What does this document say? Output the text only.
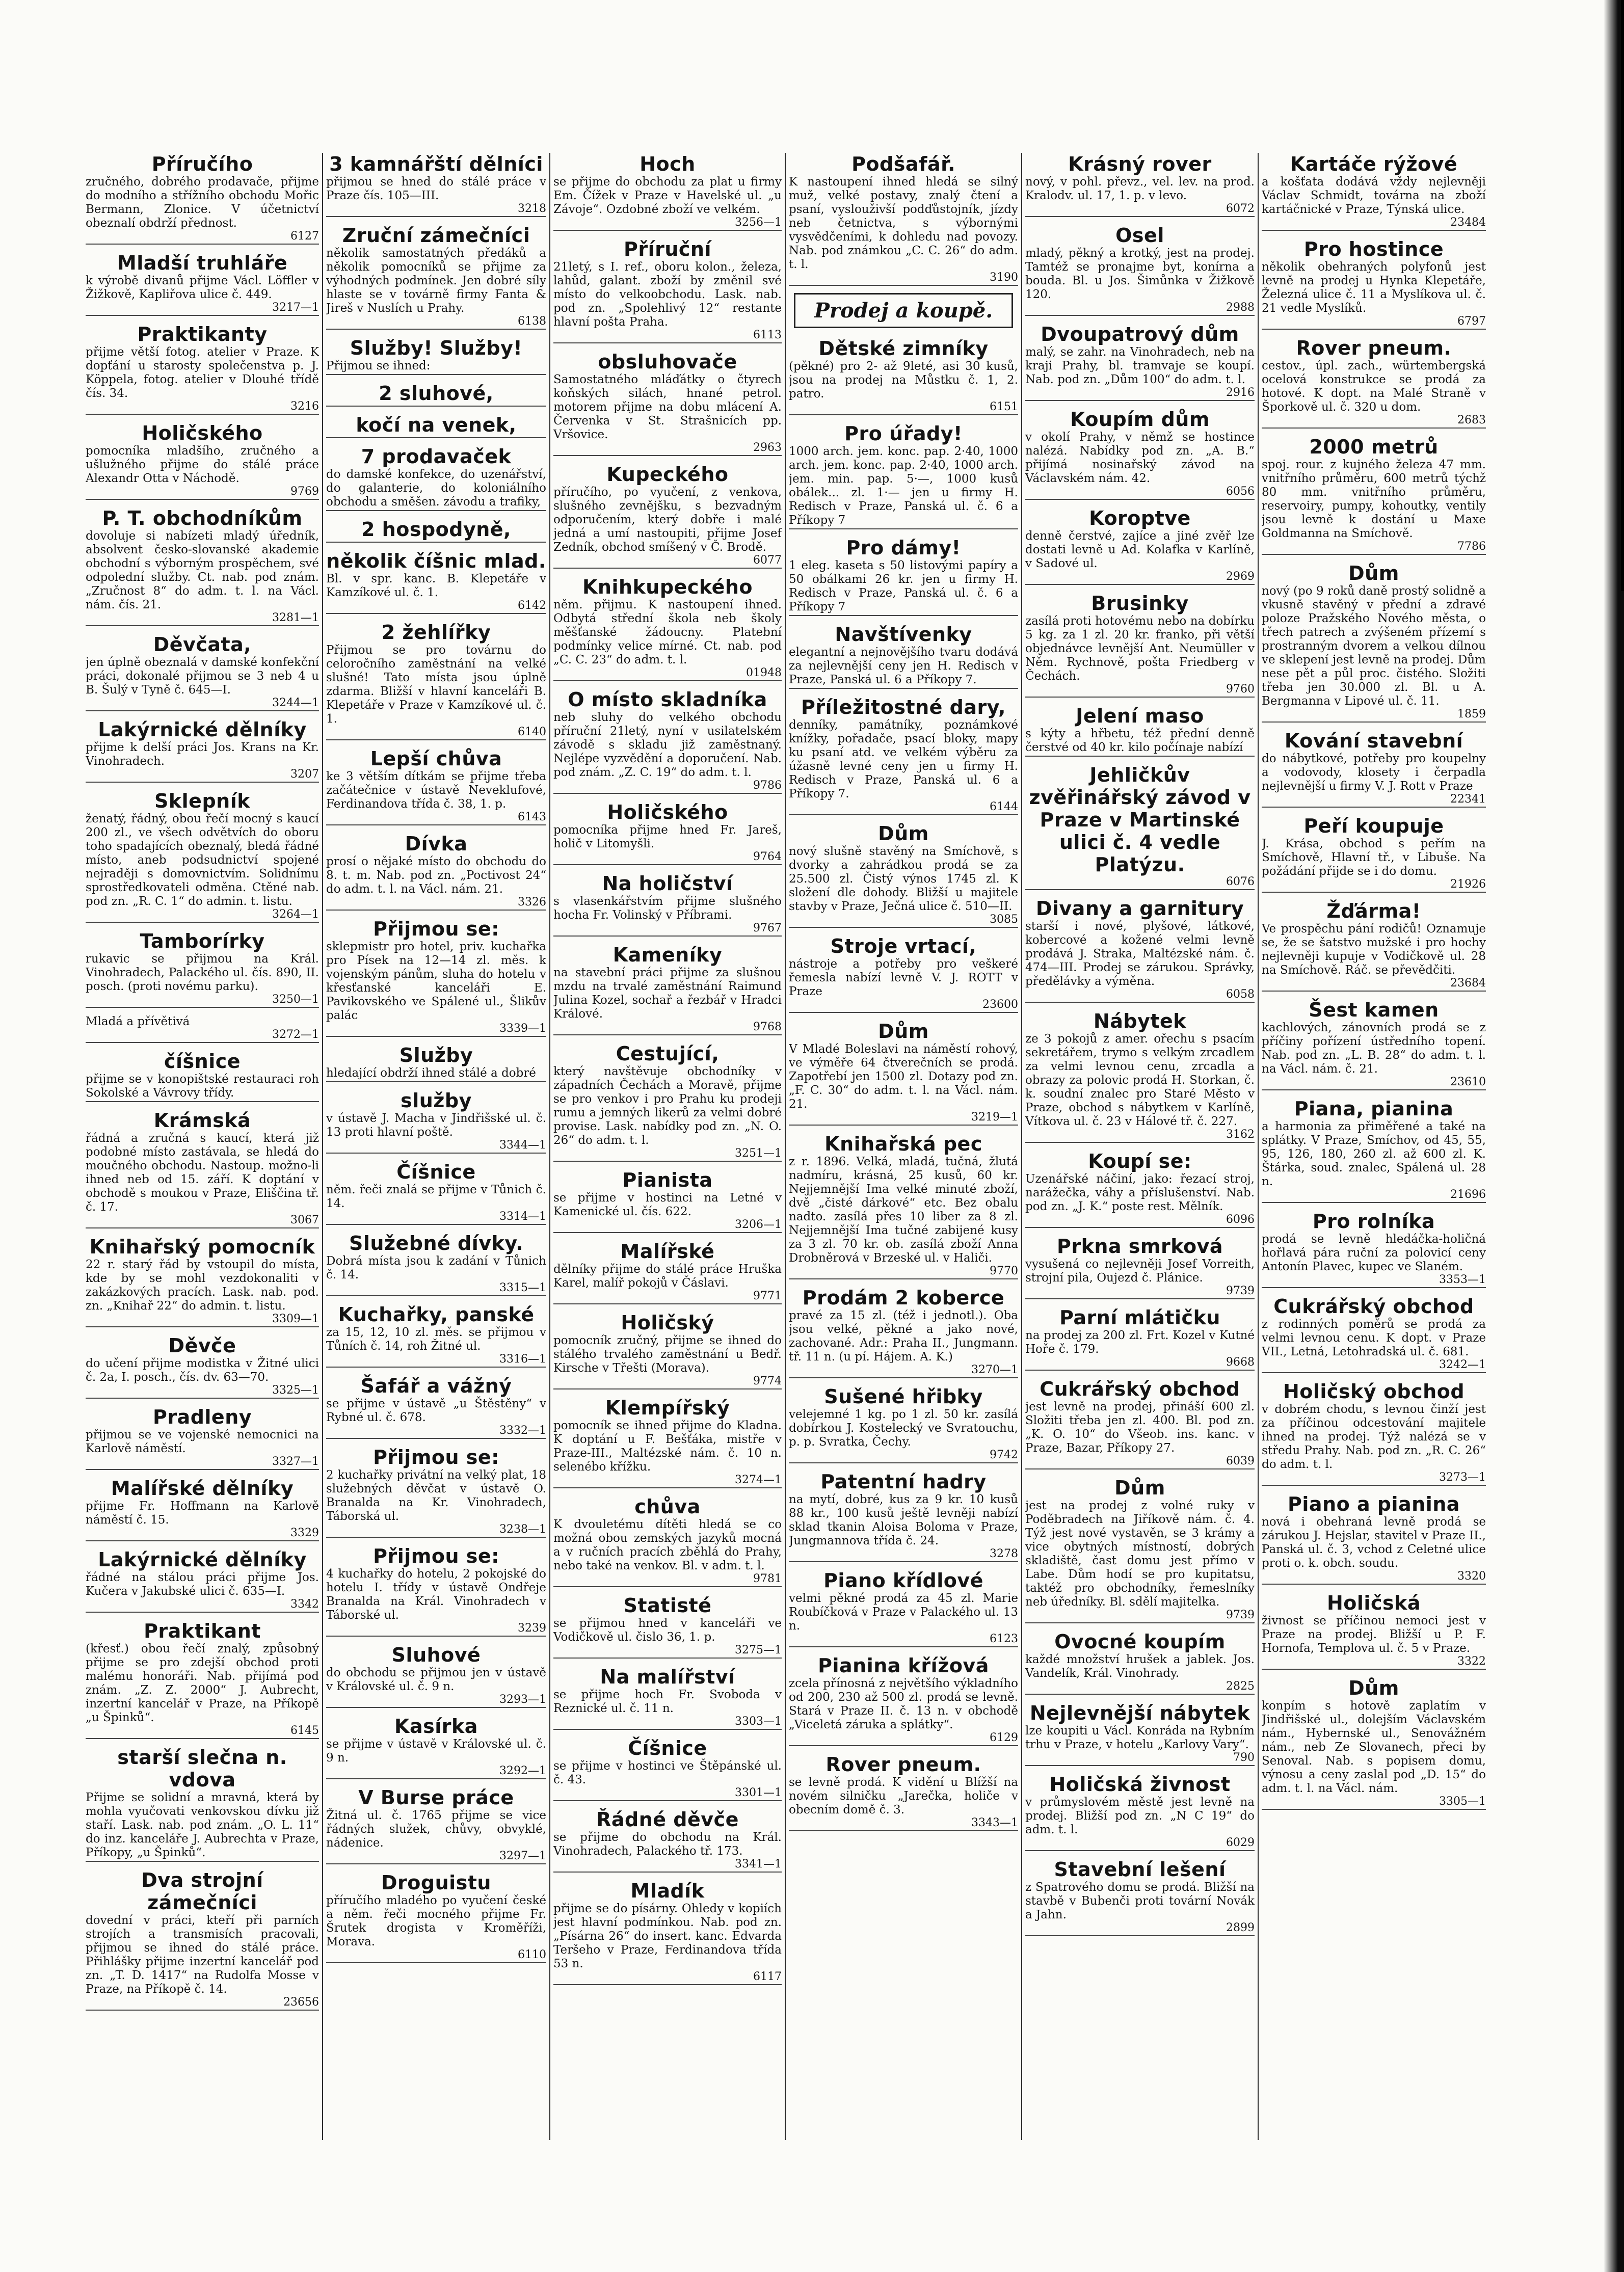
Příručího

zručného, dobrého prodavače, přijme do modního a střížního obchodu Mořic Bermann, Zlonice. V účetnictví obeznalí obdrží přednost.

6127
Mladší truhláře

k výrobě divanů přijme Václ. Löffler v Žižkově, Kapliřova ulice č. 449.

3217—1
Praktikanty

přijme větší fotog. atelier v Praze. K dopťání u starosty společenstva p. J. Köppela, fotog. atelier v Dlouhé třídě čís. 34.

3216
Holičského

pomocníka mladšího, zručného a ušlužného přijme do stálé práce Alexandr Otta v Náchodě.

9769
P. T. obchodníkům

dovoluje si nabízeti mladý úředník, absolvent česko-slovanské akademie obchodní s výborným prospěchem, své odpolední služby. Ct. nab. pod znám. „Zručnost 8“ do adm. t. l. na Václ. nám. čís. 21.

3281—1
Děvčata,

jen úplně obeznalá v damské konfekční práci, dokonalé přijmou se 3 neb 4 u B. Šulý v Tyně č. 645—I.

3244—1
Lakýrnické dělníky

přijme k delší práci Jos. Krans na Kr. Vinohradech.

3207
Sklepník

ženatý, řádný, obou řečí mocný s kaucí 200 zl., ve všech odvětvích do oboru toho spadajících obeznalý, bledá řádné místo, aneb podsudnictví spojené nejraději s domovnictvím. Solidnímu sprostředkovateli odměna. Ctěné nab. pod zn. „R. C. 1“ do admin. t. listu.

3264—1
Tamborírky

rukavic se přijmou na Král. Vinohradech, Palackého ul. čís. 890, II. posch. (proti novému parku).

3250—1

Mladá a přívětivá

3272—1
číšnice

přijme se v konopištské restauraci roh Sokolské a Vávrovy třídy.

Krámská

řádná a zručná s kaucí, která již podobné místo zastávala, se hledá do moučného obchodu. Nastoup. možno-li ihned neb od 15. září. K doptání v obchodě s moukou v Praze, Eliščina tř. č. 17.

3067
Knihařský pomocník

22 r. starý řád by vstoupil do místa, kde by se mohl vezdokonaliti v zakázkových pracích. Lask. nab. pod. zn. „Knihař 22“ do admin. t. listu.

3309—1
Děvče

do učení přijme modistka v Žitné ulici č. 2a, I. posch., čís. dv. 63—70.

3325—1
Pradleny

přijmou se ve vojenské nemocnici na Karlově náměstí.

3327—1
Malířské dělníky

přijme Fr. Hoffmann na Karlově náměstí č. 15.

3329
Lakýrnické dělníky

řádné na stálou práci přijme Jos. Kučera v Jakubské ulici č. 635—I.

3342
Praktikant

(křesť.) obou řečí znalý, způsobný přijme se pro zdejší obchod proti malému honoráři. Nab. přijímá pod znám. „Z. Z. 2000“ J. Aubrecht, inzertní kancelář v Praze, na Příkopě „u Špinků“.

6145
starší slečna n. vdova

Přijme se solidní a mravná, která by mohla vyučovati venkovskou dívku již staří. Lask. nab. pod znám. „O. L. 11“ do inz. kanceláře J. Aubrechta v Praze, Příkopy, „u Špinků“.

Dva strojní zámečníci

dovední v práci, kteří při parních strojích a transmisích pracovali, přijmou se ihned do stálé práce. Přihlášky přijme inzertní kancelář pod zn. „T. D. 1417“ na Rudolfa Mosse v Praze, na Příkopě č. 14.

23656
3 kamnářští dělníci

přijmou se hned do stálé práce v Praze čís. 105—III.

3218
Zruční zámečníci

několik samostatných předáků a několik pomocníků se přijme za výhodných podmínek. Jen dobré síly hlaste se v továrně firmy Fanta & Jireš v Nuslích u Prahy.

6138
Služby! Služby!

Přijmou se ihned:

2 sluhové,
kočí na venek,
7 prodavaček

do damské konfekce, do uzenářství, do galanterie, do koloniálního obchodu a směšen. závodu a trafiky,

2 hospodyně,
několik číšnic mlad.

Bl. v spr. kanc. B. Klepetáře v Kamzíkové ul. č. 1.

6142
2 žehlířky

Přijmou se pro továrnu do celoročního zaměstnání na velké slušné! Tato místa jsou úplně zdarma. Bližší v hlavní kanceláři B. Klepetáře v Praze v Kamzíkové ul. č. 1.

6140
Lepší chůva

ke 3 větším dítkám se přijme třeba začátečnice v ústavě Neveklufové, Ferdinandova třída č. 38, 1. p.

6143
Dívka

prosí o nějaké místo do obchodu do 8. t. m. Nab. pod zn. „Poctivost 24“ do adm. t. l. na Václ. nám. 21.

3326
Přijmou se:

sklepmistr pro hotel, priv. kuchařka pro Písek na 12—14 zl. měs. k vojenským pánům, sluha do hotelu v křesťanské kanceláři E. Pavikovského ve Spálené ul., Šlikův palác

3339—1
Služby

hledající obdrží ihned stálé a dobré

služby

v ústavě J. Macha v Jindřišské ul. č. 13 proti hlavní poště.

3344—1
Číšnice

něm. řeči znalá se přijme v Tůnich č. 14.

3314—1
Služebné dívky.

Dobrá místa jsou k zadání v Tůnich č. 14.

3315—1
Kuchařky, panské

za 15, 12, 10 zl. měs. se přijmou v Tůních č. 14, roh Žitné ul.

3316—1
Šafář a vážný

se přijme v ústavě „u Štěstěny“ v Rybné ul. č. 678.

3332—1
Přijmou se:

2 kuchařky privátní na velký plat, 18 služebných děvčat v ústavě O. Branalda na Kr. Vinohradech, Táborská ul.

3238—1
Přijmou se:

4 kuchařky do hotelu, 2 pokojské do hotelu I. třídy v ústavě Ondřeje Branalda na Král. Vinohradech v Táborské ul.

3239
Sluhové

do obchodu se přijmou jen v ústavě v Královské ul. č. 9 n.

3293—1
Kasírka

se přijme v ústavě v Královské ul. č. 9 n.

3292—1
V Burse práce

Žitná ul. č. 1765 přijme se vice řádných služek, chůvy, obvyklé, nádenice.

3297—1
Droguistu

příručího mladého po vyučení české a něm. řeči mocného přijme Fr. Šrutek drogista v Kroměříži, Morava.

6110
Hoch

se přijme do obchodu za plat u firmy Em. Čížek v Praze v Havelské ul. „u Závoje“. Ozdobné zboží ve velkém.

3256—1
Příruční

21letý, s I. ref., oboru kolon., železa, lahůd, galant. zboží by změnil své místo do velkoobchodu. Lask. nab. pod zn. „Spolehlivý 12“ restante hlavní pošta Praha.

6113
obsluhovače

Samostatného mláďátky o čtyrech koňských silách, hnané petrol. motorem přijme na dobu mlácení A. Červenka v St. Strašnicích pp. Vršovice.

2963
Kupeckého

příručího, po vyučení, z venkova, slušného zevnějšku, s bezvadným odporučením, který dobře i malé jedná a umí nastoupiti, přijme Josef Zedník, obchod smíšený v Č. Brodě.

6077
Knihkupeckého

něm. přijmu. K nastoupení ihned. Odbytá střední škola neb školy měšťanské žádoucny. Platební podmínky velice mírné. Ct. nab. pod „C. C. 23“ do adm. t. l.

01948
O místo skladníka

neb sluhy do velkého obchodu příruční 21letý, nyní v usilatelském závodě s skladu již zaměstnaný. Nejlépe vyzvědění a doporučení. Nab. pod znám. „Z. C. 19“ do adm. t. l.

9786
Holičského

pomocníka přijme hned Fr. Jareš, holič v Litomyšli.

9764
Na holičství

s vlasenkářstvím přijme slušného hocha Fr. Volinský v Příbrami.

9767
Kameníky

na stavební práci přijme za slušnou mzdu na trvalé zaměstnání Raimund Julina Kozel, sochař a řezbář v Hradci Králové.

9768
Cestující,

který navštěvuje obchodníky v západních Čechách a Moravě, přijme se pro venkov i pro Prahu ku prodeji rumu a jemných likerů za velmi dobré provise. Lask. nabídky pod zn. „N. O. 26“ do adm. t. l.

3251—1
Pianista

se přijme v hostinci na Letné v Kamenické ul. čís. 622.

3206—1
Malířské

dělníky přijme do stálé práce Hruška Karel, malíř pokojů v Čáslavi.

9771
Holičský

pomocník zručný, přijme se ihned do stálého trvalého zaměstnání u Bedř. Kirsche v Třešti (Morava).

9774
Klempířský

pomocník se ihned přijme do Kladna. K doptání u F. Bešťáka, mistře v Praze-III., Maltézské nám. č. 10 n. selenébo křížku.

3274—1
chůva

K dvouletému dítěti hledá se co možná obou zemských jazyků mocná a v ručních pracích zběhlá do Prahy, nebo také na venkov. Bl. v adm. t. l.

9781
Statisté

se přijmou hned v kanceláři ve Vodičkově ul. čislo 36, 1. p.

3275—1
Na malířství

se přijme hoch Fr. Svoboda v Reznické ul. č. 11 n.

3303—1
Číšnice

se přijme v hostinci ve Štěpánské ul. č. 43.

3301—1
Řádné děvče

se přijme do obchodu na Král. Vinohradech, Palackého tř. 173.

3341—1
Mladík

přijme se do písárny. Ohledy v kopiích jest hlavní podmínkou. Nab. pod zn. „Písárna 26“ do insert. kanc. Edvarda Teršeho v Praze, Ferdinandova třída 53 n.

6117
Podšafář.

K nastoupení ihned hledá se silný muž, velké postavy, znalý čtení a psaní, vyslouživší podďůstojník, jízdy neb četnictva, s výbornými vysvědčeními, k dohledu nad povozy. Nab. pod známkou „C. C. 26“ do adm. t. l.

3190
Prodej a koupě.
Dětské zimníky

(pěkné) pro 2- až 9leté, asi 30 kusů, jsou na prodej na Můstku č. 1, 2. patro.

6151
Pro úřady!

1000 arch. jem. konc. pap. 2·40, 1000 arch. jem. konc. pap. 2·40, 1000 arch. jem. min. pap. 5·—, 1000 kusů obálek... zl. 1·— jen u firmy H. Redisch v Praze, Panská ul. č. 6 a Příkopy 7

Pro dámy!

1 eleg. kaseta s 50 listovými papíry a 50 obálkami 26 kr. jen u firmy H. Redisch v Praze, Panská ul. č. 6 a Příkopy 7

Navštívenky

elegantní a nejnovějšího tvaru dodává za nejlevnější ceny jen H. Redisch v Praze, Panská ul. 6 a Příkopy 7.

Příležitostné dary,

denníky, památníky, poznámkové knížky, pořadače, psací bloky, mapy ku psaní atd. ve velkém výběru za úžasně levné ceny jen u firmy H. Redisch v Praze, Panská ul. 6 a Příkopy 7.

6144
Dům

nový slušně stavěný na Smíchově, s dvorky a zahrádkou prodá se za 25.500 zl. Čistý výnos 1745 zl. K složení dle dohody. Bližší u majitele stavby v Praze, Ječná ulice č. 510—II.

3085
Stroje vrtací,

nástroje a potřeby pro veškeré řemesla nabízí levně V. J. ROTT v Praze

23600
Dům

V Mladé Boleslavi na náměstí rohový, ve výměře 64 čtverečních se prodá. Zapotřebí jen 1500 zl. Dotazy pod zn. „F. C. 30“ do adm. t. l. na Václ. nám. 21.

3219—1
Knihařská pec

z r. 1896. Velká, mladá, tučná, žlutá nadmíru, krásná, 25 kusů, 60 kr. Nejjemnější Ima velké minuté zboží, dvě „čisté dárkové“ etc. Bez obalu nadto. zasílá přes 10 liber za 8 zl. Nejjemnější Ima tučné zabijené kusy za 3 zl. 70 kr. ob. zasílá zboží Anna Drobněrová v Brzeské ul. v Haliči.

9770
Prodám 2 koberce

pravé za 15 zl. (též i jednotl.). Oba jsou velké, pěkné a jako nové, zachované. Adr.: Praha II., Jungmann. tř. 11 n. (u pí. Hájem. A. K.)

3270—1
Sušené hřibky

velejemné 1 kg. po 1 zl. 50 kr. zasílá dobírkou J. Kostelecký ve Svratouchu, p. p. Svratka, Čechy.

9742
Patentní hadry

na mytí, dobré, kus za 9 kr. 10 kusů 88 kr., 100 kusů ještě levněji nabízí sklad tkanin Aloisa Bolomа v Praze, Jungmannova třída č. 24.

3278
Piano křídlové

velmi pěkné prodá za 45 zl. Marie Roubíčková v Praze v Palackého ul. 13 n.

6123
Pianina křížová

zcela přínosná z největšího výkladního od 200, 230 až 500 zl. prodá se levně. Stará v Praze II. č. 13 n. v obchodě „Viceletá záruka a splátky“.

6129
Rover pneum.

se levně prodá. K vidění u Blížší na novém silničku „Jarečka, holiče v obecním domě č. 3.

3343—1
Krásný rover

nový, v pohl. převz., vel. lev. na prod. Kralodv. ul. 17, 1. p. v levo.

6072
Osel

mladý, pěkný a krotký, jest na prodej. Tamtéž se pronajme byt, konírna a bouda. Bl. u Jos. Šimůnka v Žižkově 120.

2988
Dvoupatrový dům

malý, se zahr. na Vinohradech, neb na kraji Prahy, bl. tramvaje se koupí. Nab. pod zn. „Dům 100“ do adm. t. l.

2916
Koupím dům

v okolí Prahy, v němž se hostince nalézá. Nabídky pod zn. „A. B.“ přijímá nosinařský závod na Václavském nám. 42.

6056
Koroptve

denně čerstvé, zajíce a jiné zvěř lze dostati levně u Ad. Kolafka v Karlíně, v Sadové ul.

2969
Brusinky

zasílá proti hotovému nebo na dobírku 5 kg. za 1 zl. 20 kr. franko, při větší objednávce levnější Ant. Neumüller v Něm. Rychnově, pošta Friedberg v Čechách.

9760
Jelení maso

s kýty a hřbetu, též přední denně čerstvé od 40 kr. kilo počínaje nabízí

Jehličkův zvěřinářský závod v Praze v Martinské ulici č. 4 vedle Platýzu.
6076
Divany a garnitury

starší i nové, plyšové, látkové, kobercové a kožené velmi levně prodává J. Straka, Maltézské nám. č. 474—III. Prodej se zárukou. Správky, předělávky a výměna.

6058
Nábytek

ze 3 pokojů z amer. ořechu s psacím sekretářem, trymo s velkým zrcadlem za velmi levnou cenu, zrcadla a obrazy za polovic prodá H. Storkan, č. k. soudní znalec pro Staré Město v Praze, obchod s nábytkem v Karlíně, Vítkova ul. č. 23 v Hálové tř. č. 227.

3162
Koupí se:

Uzenářské náčiní, jako: řezací stroj, narážečka, váhy a příslušenství. Nab. pod zn. „J. K.“ poste rest. Mělník.

6096
Prkna smrková

vysušená co nejlevněji Josef Vorreith, strojní pila, Oujezd č. Plánice.

9739
Parní mlátičku

na prodej za 200 zl. Frt. Kozel v Kutné Hoře č. 179.

9668
Cukrářský obchod

jest levně na prodej, přináší 600 zl. Složiti třeba jen zl. 400. Bl. pod zn. „K. O. 10“ do Všeob. ins. kanc. v Praze, Bazar, Příkopy 27.

6039
Dům

jest na prodej z volné ruky v Poděbradech na Jiříkově nám. č. 4. Týž jest nové vystavěn, se 3 krámy a vice obytných místností, dobrých skladiště, čast domu jest přímo v Labe. Dům hodí se pro kupitatsu, taktéž pro obchodníky, řemeslníky neb úředníky. Bl. sdělí majitelka.

9739
Ovocné koupím

každé množství hrušek a jablek. Jos. Vandelík, Král. Vinohrady.

2825
Nejlevnější nábytek

lze koupiti u Václ. Konráda na Rybním trhu v Praze, v hotelu „Karlovy Vary“.

790
Holičská živnost

v průmyslovém městě jest levně na prodej. Bližší pod zn. „N C 19“ do adm. t. l.

6029
Stavební lešení

z Spatrového domu se prodá. Bližší na stavbě v Bubenči proti tovární Novák a Jahn.

2899
Kartáče rýžové

a košťata dodává vždy nejlevněji Václav Schmidt, továrna na zboží kartáčnické v Praze, Týnská ulice.

23484
Pro hostince

několik obehraných polyfonů jest levně na prodej u Hynka Klepetáře, Železná ulice č. 11 a Myslíkova ul. č. 21 vedle Myslíků.

6797
Rover pneum.

cestov., úpl. zach., würtembergská ocelová konstrukce se prodá za hotové. K dopt. na Malé Straně v Šporkově ul. č. 320 u dom.

2683
2000 metrů

spoj. rour. z kujného železa 47 mm. vnitřního průměru, 600 metrů týchž 80 mm. vnitřního průměru, reservoiry, pumpy, kohoutky, ventily jsou levně k dostání u Maxe Goldmanna na Smíchově.

7786
Dům

nový (po 9 roků daně prostý solidně a vkusně stavěný v přední a zdravé poloze Pražského Nového města, o třech patrech a zvýšeném přízemí s prostranným dvorem a velkou dílnou ve sklepení jest levně na prodej. Dům nese pět a půl proc. čistého. Složiti třeba jen 30.000 zl. Bl. u A. Bergmanna v Lipové ul. č. 11.

1859
Kování stavební

do nábytkové, potřeby pro koupelny a vodovody, klosety i čerpadla nejlevnější u firmy V. J. Rott v Praze

22341
Peří koupuje

J. Krása, obchod s peřím na Smíchově, Hlavní tř., v Libuše. Na požádání přijde se i do domu.

21926
Žďárma!

Ve prospěchu pání rodičů! Oznamuje se, že se šatstvo mužské i pro hochy nejlevněji kupuje v Vodičkově ul. 28 na Smíchově. Ráč. se převědčiti.

23684
Šest kamen

kachlových, zánovních prodá se z příčiny pořízení ústředního topení. Nab. pod zn. „L. B. 28“ do adm. t. l. na Václ. nám. č. 21.

23610
Piana, pianina

a harmonia za přiměřené a také na splátky. V Praze, Smíchov, od 45, 55, 95, 126, 180, 260 zl. až 600 zl. K. Štárka, soud. znalec, Spálená ul. 28 n.

21696
Pro rolníka

prodá se levně hledáčka-holičná hořlavá pára ruční za polovicí ceny Antonín Plavec, kupec ve Slaném.

3353—1
Cukrářský obchod

z rodinných poměrů se prodá za velmi levnou cenu. K dopt. v Praze VII., Letná, Letohradská ul. č. 681.

3242—1
Holičský obchod

v dobrém chodu, s levnou činží jest za příčinou odcestování majitele ihned na prodej. Týž nalézá se v středu Prahy. Nab. pod zn. „R. C. 26“ do adm. t. l.

3273—1
Piano a pianina

nová i obehraná levně prodá se zárukou J. Hejslar, stavitel v Praze II., Panská ul. č. 3, vchod z Celetné ulice proti o. k. obch. soudu.

3320
Holičská

živnost se příčinou nemoci jest v Praze na prodej. Bližší u P. F. Hornofa, Templova ul. č. 5 v Praze.

3322
Dům

konpím s hotově zaplatím v Jindřišské ul., dolejším Václavském nám., Hybernské ul., Senovážném nám., neb Ze Slovanech, přeci by Senoval. Nab. s popisem domu, výnosu a ceny zaslal pod „D. 15“ do adm. t. l. na Václ. nám.

3305—1
